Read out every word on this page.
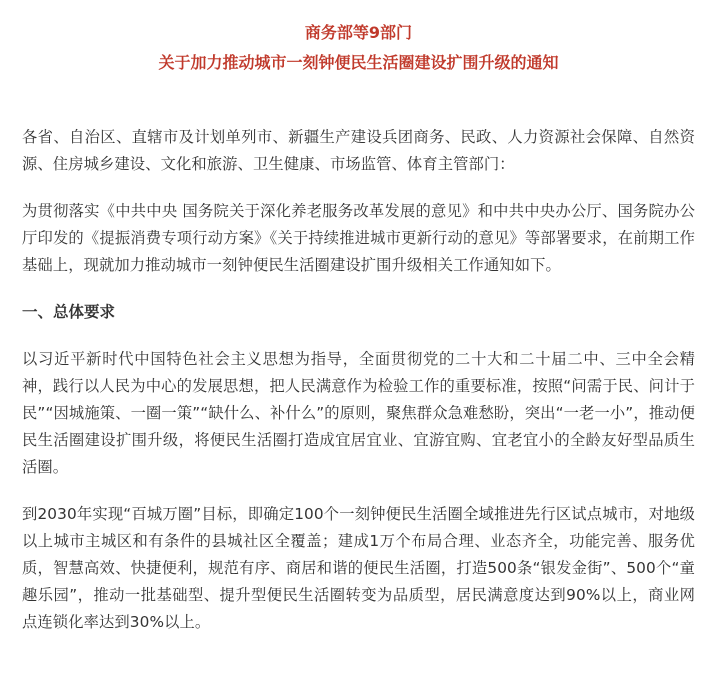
商务部等9部门
关于加力推动城市一刻钟便民生活圈建设扩围升级的通知

各省、自治区、直辖市及计划单列市、新疆生产建设兵团商务、民政、人力资源社会保障、自然资源、住房城乡建设、文化和旅游、卫生健康、市场监管、体育主管部门：

为贯彻落实《中共中央 国务院关于深化养老服务改革发展的意见》和中共中央办公厅、国务院办公厅印发的《提振消费专项行动方案》《关于持续推进城市更新行动的意见》等部署要求，在前期工作基础上，现就加力推动城市一刻钟便民生活圈建设扩围升级相关工作通知如下。

一、总体要求

以习近平新时代中国特色社会主义思想为指导，全面贯彻党的二十大和二十届二中、三中全会精神，践行以人民为中心的发展思想，把人民满意作为检验工作的重要标准，按照“问需于民、问计于民”“因城施策、一圈一策”“缺什么、补什么”的原则，聚焦群众急难愁盼，突出“一老一小”，推动便民生活圈建设扩围升级，将便民生活圈打造成宜居宜业、宜游宜购、宜老宜小的全龄友好型品质生活圈。

到2030年实现“百城万圈”目标，即确定100个一刻钟便民生活圈全域推进先行区试点城市，对地级以上城市主城区和有条件的县城社区全覆盖；建成1万个布局合理、业态齐全，功能完善、服务优质，智慧高效、快捷便利，规范有序、商居和谐的便民生活圈，打造500条“银发金街”、500个“童趣乐园”，推动一批基础型、提升型便民生活圈转变为品质型，居民满意度达到90%以上，商业网点连锁化率达到30%以上。
